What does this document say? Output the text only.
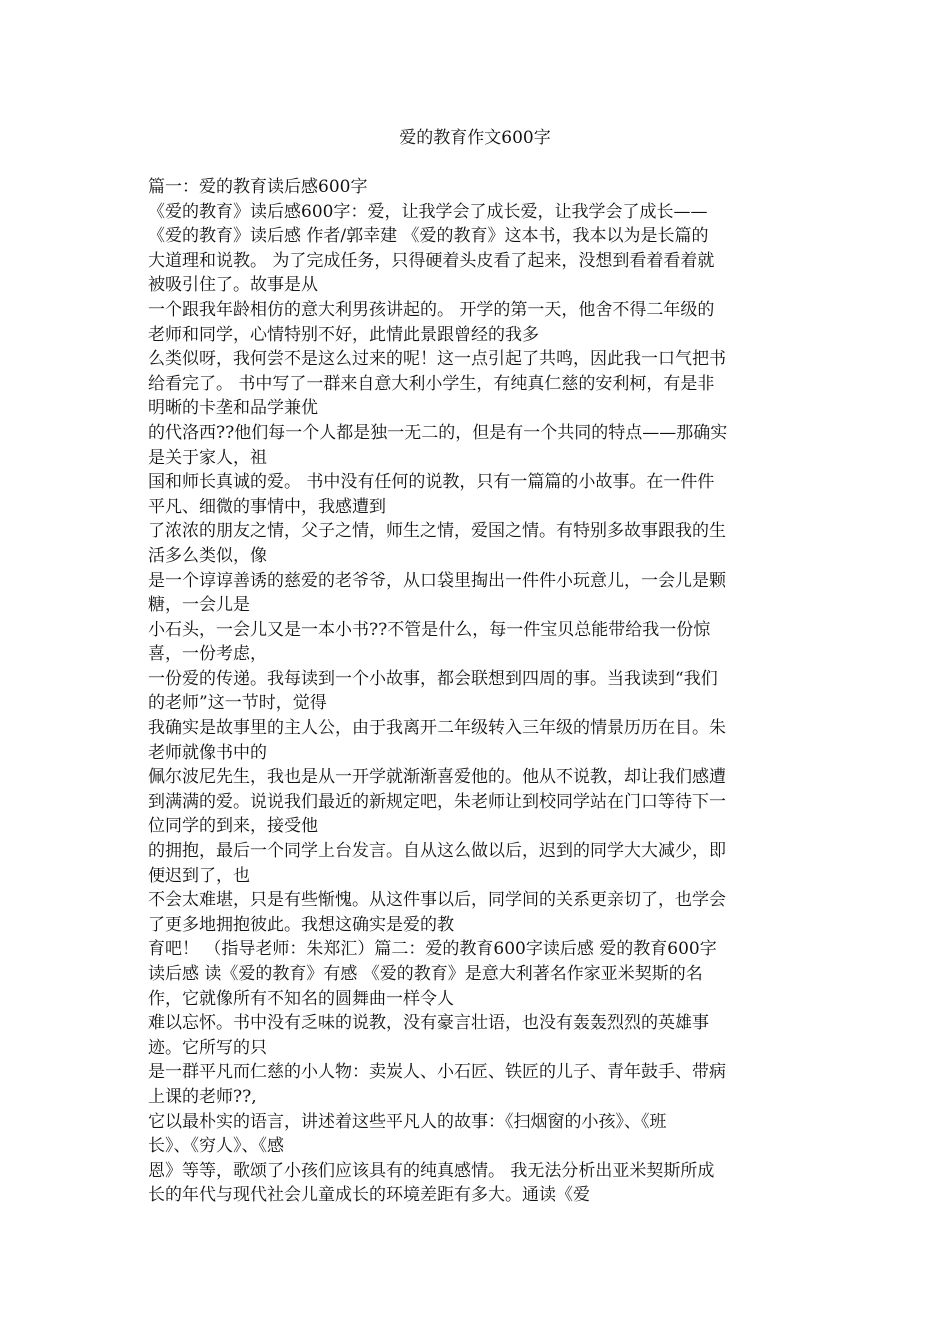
爱的教育作文600字
篇一：爱的教育读后感600字
《爱的教育》读后感600字：爱，让我学会了成长爱，让我学会了成长——
《爱的教育》读后感 作者/郭幸建 《爱的教育》这本书，我本以为是长篇的
大道理和说教。 为了完成任务，只得硬着头皮看了起来，没想到看着看着就
被吸引住了。故事是从
一个跟我年龄相仿的意大利男孩讲起的。 开学的第一天，他舍不得二年级的
老师和同学，心情特别不好，此情此景跟曾经的我多
么类似呀，我何尝不是这么过来的呢！这一点引起了共鸣，因此我一口气把书
给看完了。 书中写了一群来自意大利小学生，有纯真仁慈的安利柯，有是非
明晰的卡垄和品学兼优
的代洛西??他们每一个人都是独一无二的，但是有一个共同的特点——那确实
是关于家人，祖
国和师长真诚的爱。 书中没有任何的说教，只有一篇篇的小故事。在一件件
平凡、细微的事情中，我感遭到
了浓浓的朋友之情，父子之情，师生之情，爱国之情。有特别多故事跟我的生
活多么类似，像
是一个谆谆善诱的慈爱的老爷爷，从口袋里掏出一件件小玩意儿，一会儿是颗
糖，一会儿是
小石头，一会儿又是一本小书??不管是什么，每一件宝贝总能带给我一份惊
喜，一份考虑，
一份爱的传递。我每读到一个小故事，都会联想到四周的事。当我读到“我们
的老师”这一节时，觉得
我确实是故事里的主人公，由于我离开二年级转入三年级的情景历历在目。朱
老师就像书中的
佩尔波尼先生，我也是从一开学就渐渐喜爱他的。他从不说教，却让我们感遭
到满满的爱。说说我们最近的新规定吧，朱老师让到校同学站在门口等待下一
位同学的到来，接受他
的拥抱，最后一个同学上台发言。自从这么做以后，迟到的同学大大减少，即
便迟到了，也
不会太难堪，只是有些惭愧。从这件事以后，同学间的关系更亲切了，也学会
了更多地拥抱彼此。我想这确实是爱的教
育吧！ （指导老师：朱郑汇）篇二：爱的教育600字读后感 爱的教育600字
读后感 读《爱的教育》有感 《爱的教育》是意大利著名作家亚米契斯的名
作，它就像所有不知名的圆舞曲一样令人
难以忘怀。书中没有乏味的说教，没有豪言壮语，也没有轰轰烈烈的英雄事
迹。它所写的只
是一群平凡而仁慈的小人物：卖炭人、小石匠、铁匠的儿子、青年鼓手、带病
上课的老师??,
它以最朴实的语言，讲述着这些平凡人的故事：《扫烟窗的小孩》、《班
长》、《穷人》、《感
恩》等等，歌颂了小孩们应该具有的纯真感情。 我无法分析出亚米契斯所成
长的年代与现代社会儿童成长的环境差距有多大。通读《爱
